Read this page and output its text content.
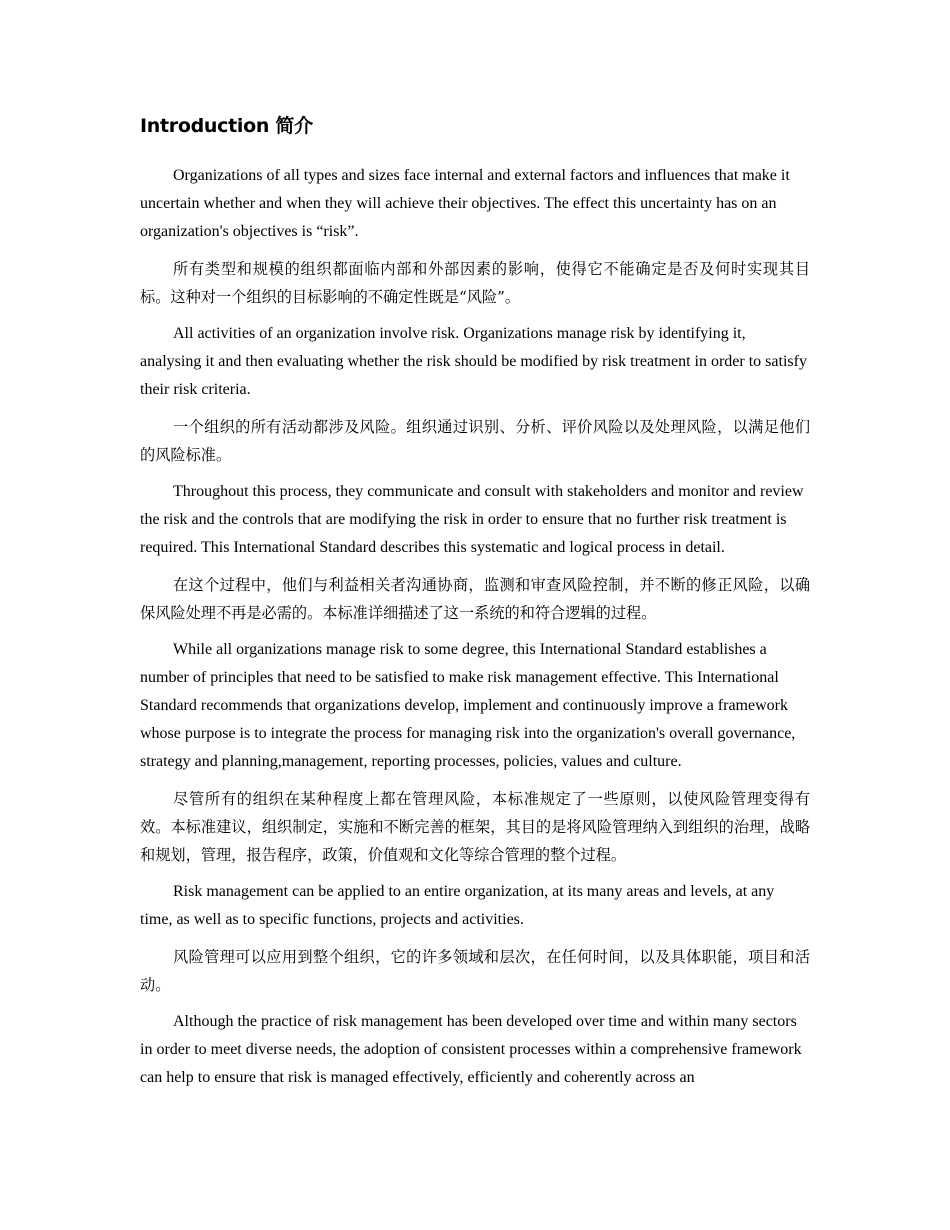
Introduction 简介

Organizations of all types and sizes face internal and external factors and influences that make it uncertain whether and when they will achieve their objectives. The effect this uncertainty has on an organization's objectives is “risk”.

所有类型和规模的组织都面临内部和外部因素的影响，使得它不能确定是否及何时实现其目标。这种对一个组织的目标影响的不确定性既是“风险”。

All activities of an organization involve risk. Organizations manage risk by identifying it, analysing it and then evaluating whether the risk should be modified by risk treatment in order to satisfy their risk criteria.

一个组织的所有活动都涉及风险。组织通过识别、分析、评价风险以及处理风险，以满足他们的风险标准。

Throughout this process, they communicate and consult with stakeholders and monitor and review the risk and the controls that are modifying the risk in order to ensure that no further risk treatment is required. This International Standard describes this systematic and logical process in detail.

在这个过程中，他们与利益相关者沟通协商，监测和审查风险控制，并不断的修正风险，以确保风险处理不再是必需的。本标准详细描述了这一系统的和符合逻辑的过程。

While all organizations manage risk to some degree, this International Standard establishes a number of principles that need to be satisfied to make risk management effective. This International Standard recommends that organizations develop, implement and continuously improve a framework whose purpose is to integrate the process for managing risk into the organization's overall governance, strategy and planning,management, reporting processes, policies, values and culture.

尽管所有的组织在某种程度上都在管理风险，本标准规定了一些原则，以使风险管理变得有效。本标准建议，组织制定，实施和不断完善的框架，其目的是将风险管理纳入到组织的治理，战略和规划，管理，报告程序，政策，价值观和文化等综合管理的整个过程。

Risk management can be applied to an entire organization, at its many areas and levels, at any time, as well as to specific functions, projects and activities.

风险管理可以应用到整个组织，它的许多领域和层次，在任何时间，以及具体职能，项目和活动。

Although the practice of risk management has been developed over time and within many sectors in order to meet diverse needs, the adoption of consistent processes within a comprehensive framework can help to ensure that risk is managed effectively, efficiently and coherently across an
